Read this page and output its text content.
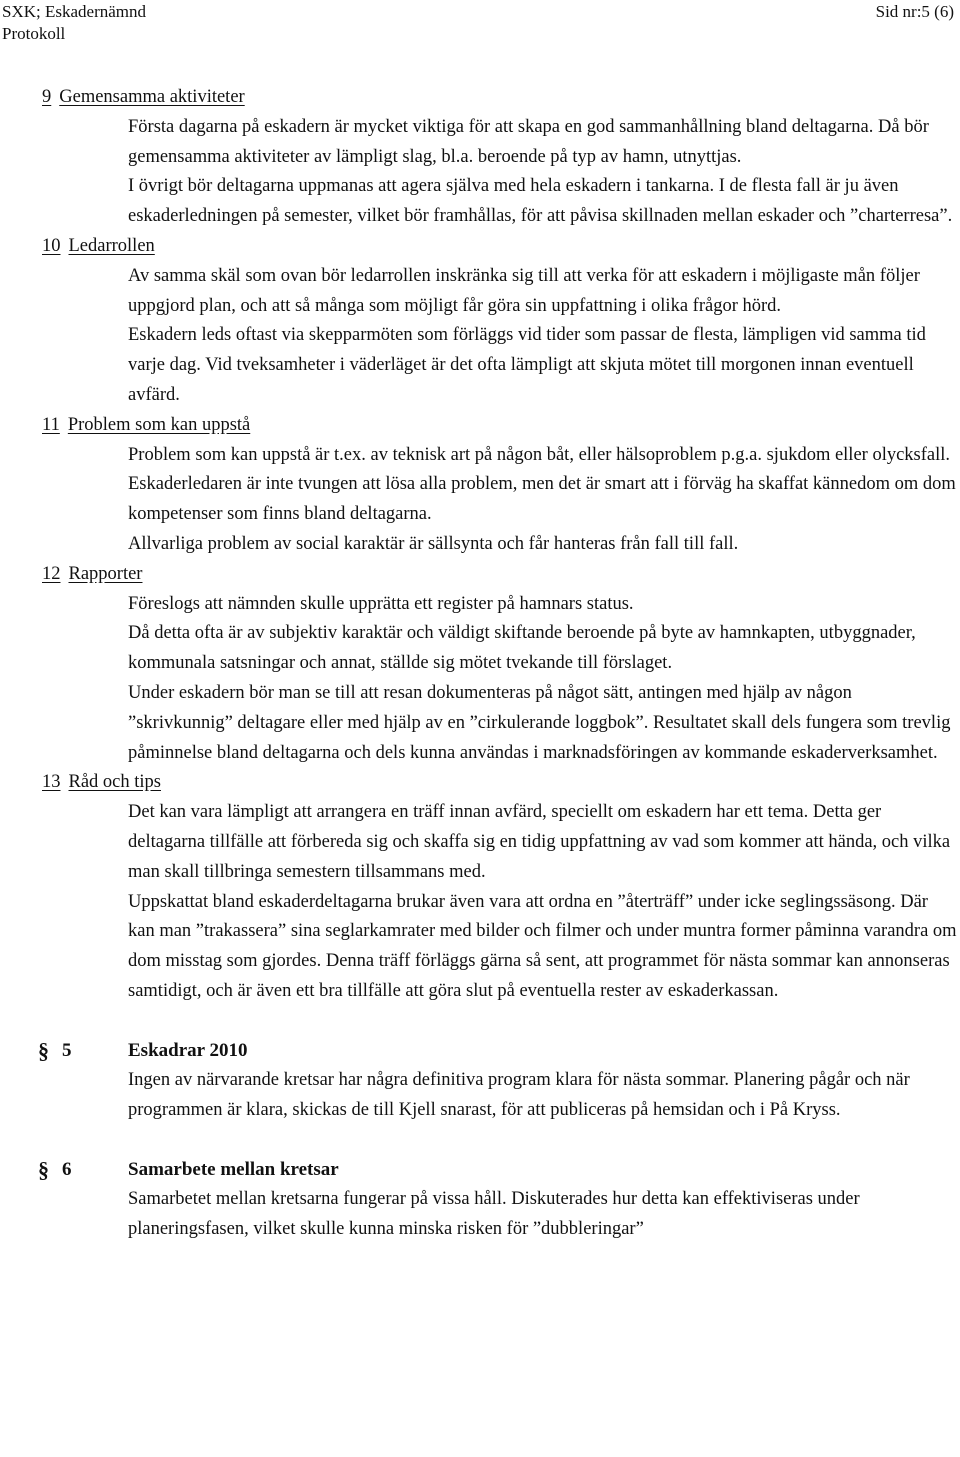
SXK; Eskadernämnd
Protokoll
Sid nr:5 (6)
9 Gemensamma aktiviteter
Första dagarna på eskadern är mycket viktiga för att skapa en god sammanhållning bland deltagarna. Då bör gemensamma aktiviteter av lämpligt slag, bl.a. beroende på typ av hamn, utnyttjas.
I övrigt bör deltagarna uppmanas att agera själva med hela eskadern i tankarna. I de flesta fall är ju även eskaderledningen på semester, vilket bör framhållas, för att påvisa skillnaden mellan eskader och ”charterresa”.
10 Ledarrollen
Av samma skäl som ovan bör ledarrollen inskränka sig till att verka för att eskadern i möjligaste mån följer uppgjord plan, och att så många som möjligt får göra sin uppfattning i olika frågor hörd.
Eskadern leds oftast via skepparmöten som förläggs vid tider som passar de flesta, lämpligen vid samma tid varje dag. Vid tveksamheter i väderläget är det ofta lämpligt att skjuta mötet till morgonen innan eventuell avfärd.
11 Problem som kan uppstå
Problem som kan uppstå är t.ex. av teknisk art på någon båt, eller hälsoproblem p.g.a. sjukdom eller olycksfall. Eskaderledaren är inte tvungen att lösa alla problem, men det är smart att i förväg ha skaffat kännedom om dom kompetenser som finns bland deltagarna.
Allvarliga problem av social karaktär är sällsynta och får hanteras från fall till fall.
12 Rapporter
Föreslogs att nämnden skulle upprätta ett register på hamnars status.
Då detta ofta är av subjektiv karaktär och väldigt skiftande beroende på byte av hamnkapten, utbyggnader, kommunala satsningar och annat, ställde sig mötet tvekande till förslaget.
Under eskadern bör man se till att resan dokumenteras på något sätt, antingen med hjälp av någon ”skrivkunnig” deltagare eller med hjälp av en ”cirkulerande loggbok”. Resultatet skall dels fungera som trevlig påminnelse bland deltagarna och dels kunna användas i marknadsföringen av kommande eskaderverksamhet.
13 Råd och tips
Det kan vara lämpligt att arrangera en träff innan avfärd, speciellt om eskadern har ett tema. Detta ger deltagarna tillfälle att förbereda sig och skaffa sig en tidig uppfattning av vad som kommer att hända, och vilka man skall tillbringa semestern tillsammans med.
Uppskattat bland eskaderdeltagarna brukar även vara att ordna en ”återträff” under icke seglingssäsong. Där kan man ”trakassera” sina seglarkamrater med bilder och filmer och under muntra former påminna varandra om dom misstag som gjordes. Denna träff förläggs gärna så sent, att programmet för nästa sommar kan annonseras samtidigt, och är även ett bra tillfälle att göra slut på eventuella rester av eskaderkassan.
§ 5	Eskadrar 2010
Ingen av närvarande kretsar har några definitiva program klara för nästa sommar. Planering pågår och när programmen är klara, skickas de till Kjell snarast, för att publiceras på hemsidan och i På Kryss.
§ 6	Samarbete mellan kretsar
Samarbetet mellan kretsarna fungerar på vissa håll. Diskuterades hur detta kan effektiviseras under planeringsfasen, vilket skulle kunna minska risken för ”dubbleringar”
